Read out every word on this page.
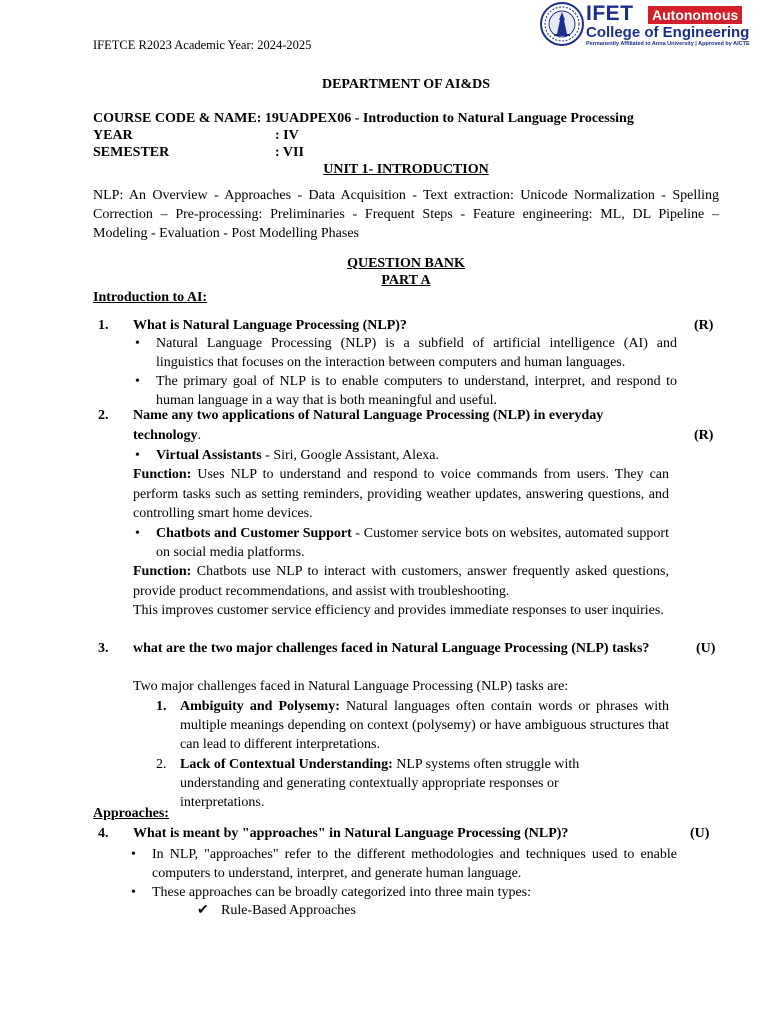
IFETCE R2023 Academic Year: 2024-2025
IFET Autonomous
College of Engineering
Permanently Affiliated to Anna University | Approved by AICTE
DEPARTMENT OF AI&DS
COURSE CODE & NAME: 19UADPEX06 - Introduction to Natural Language Processing
YEAR	: IV
SEMESTER	: VII
UNIT 1- INTRODUCTION
NLP: An Overview - Approaches - Data Acquisition - Text extraction: Unicode Normalization - Spelling Correction – Pre-processing: Preliminaries - Frequent Steps - Feature engineering: ML, DL Pipeline – Modeling - Evaluation - Post Modelling Phases
QUESTION BANK
PART A
Introduction to AI:
1. What is Natural Language Processing (NLP)?	(R)
• Natural Language Processing (NLP) is a subfield of artificial intelligence (AI) and linguistics that focuses on the interaction between computers and human languages.
• The primary goal of NLP is to enable computers to understand, interpret, and respond to human language in a way that is both meaningful and useful.
2. Name any two applications of Natural Language Processing (NLP) in everyday
technology.	(R)
• Virtual Assistants - Siri, Google Assistant, Alexa.
Function: Uses NLP to understand and respond to voice commands from users. They can perform tasks such as setting reminders, providing weather updates, answering questions, and controlling smart home devices.
• Chatbots and Customer Support - Customer service bots on websites, automated support on social media platforms.
Function: Chatbots use NLP to interact with customers, answer frequently asked questions, provide product recommendations, and assist with troubleshooting.
This improves customer service efficiency and provides immediate responses to user inquiries.
3. what are the two major challenges faced in Natural Language Processing (NLP) tasks?	(U)
Two major challenges faced in Natural Language Processing (NLP) tasks are:
1. Ambiguity and Polysemy: Natural languages often contain words or phrases with multiple meanings depending on context (polysemy) or have ambiguous structures that can lead to different interpretations.
2. Lack of Contextual Understanding: NLP systems often struggle with understanding and generating contextually appropriate responses or interpretations.
Approaches:
4. What is meant by "approaches" in Natural Language Processing (NLP)?	(U)
• In NLP, "approaches" refer to the different methodologies and techniques used to enable computers to understand, interpret, and generate human language.
• These approaches can be broadly categorized into three main types:
✔ Rule-Based Approaches
